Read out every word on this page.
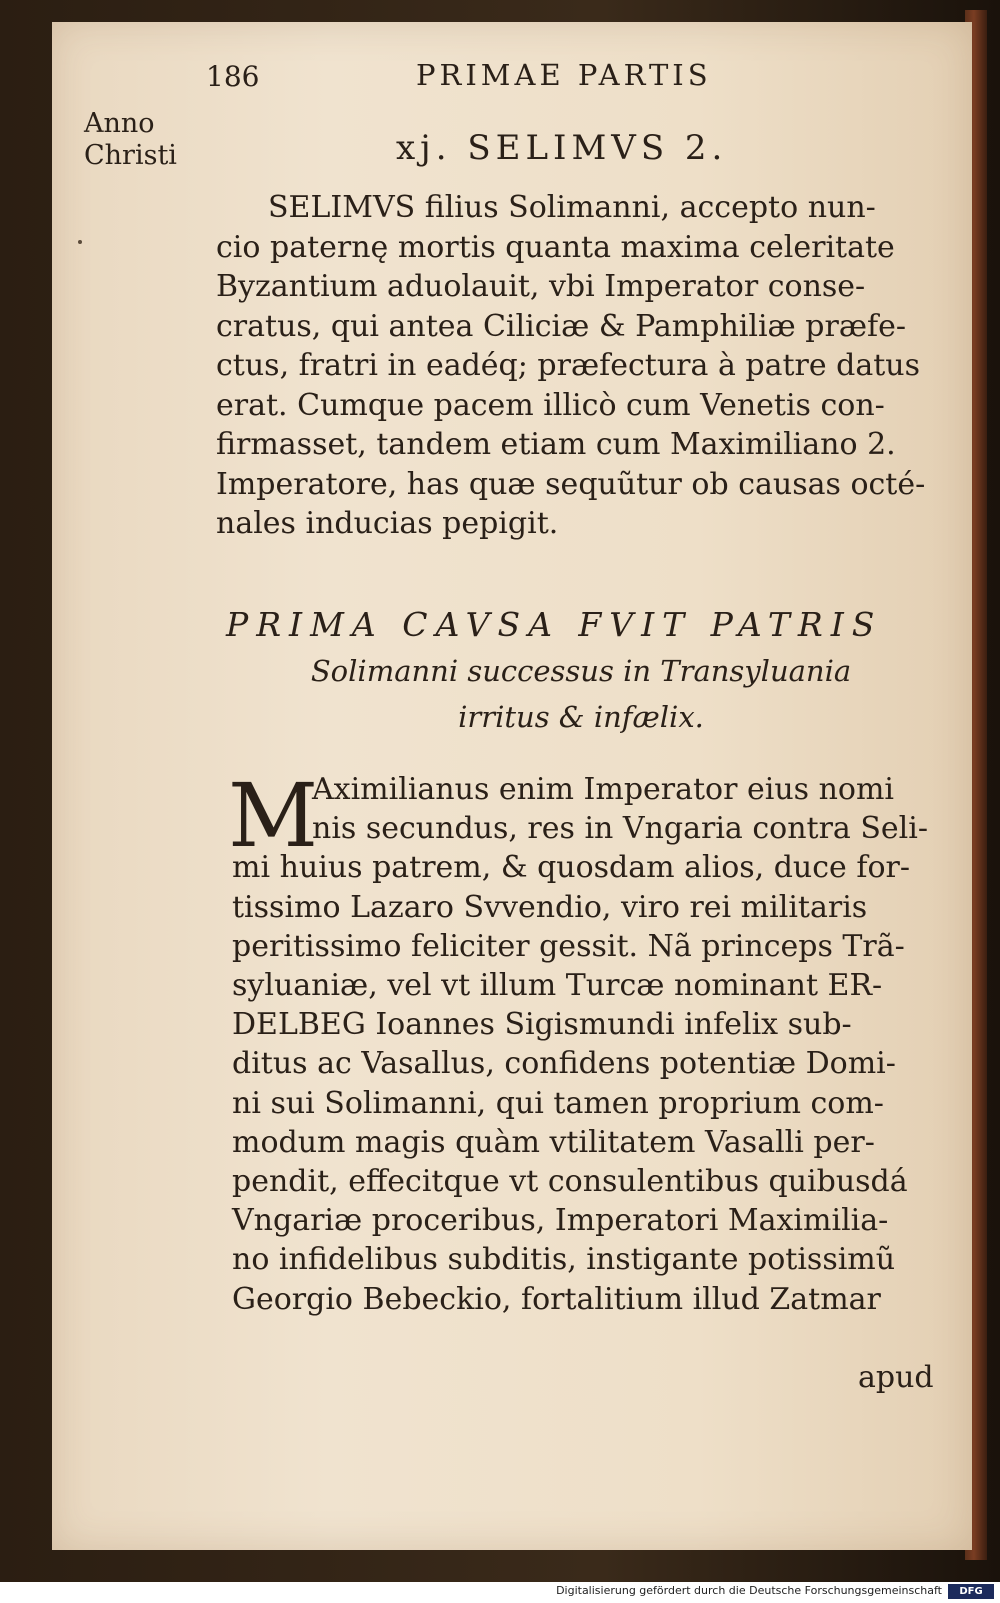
186	PRIMAE PARTIS
Anno
Christi	xj. SELIMVS 2.
SELIMVS filius Solimanni, accepto nun-
cio paternę mortis quanta maxima celeritate
Byzantium aduolauit, vbi Imperator conse-
cratus, qui antea Ciliciæ & Pamphiliæ præfe-
ctus, fratri in eadéq; præfectura à patre datus
erat. Cumque pacem illicò cum Venetis con-
firmasset, tandem etiam cum Maximiliano 2.
Imperatore, has quæ sequũtur ob causas octé-
nales inducias pepigit.
PRIMA CAVSA FVIT PATRIS
Solimanni successus in Transyluania
irritus & infælix.
M
Aximilianus enim Imperator eius nomi
nis secundus, res in Vngaria contra Seli-
mi huius patrem, & quosdam alios, duce for-
tissimo Lazaro Svvendio, viro rei militaris
peritissimo feliciter gessit. Nã princeps Trã-
syluaniæ, vel vt illum Turcæ nominant ER-
DELBEG Ioannes Sigismundi infelix sub-
ditus ac Vasallus, confidens potentiæ Domi-
ni sui Solimanni, qui tamen proprium com-
modum magis quàm vtilitatem Vasalli per-
pendit, effecitque vt consulentibus quibusdá
Vngariæ proceribus, Imperatori Maximilia-
no infidelibus subditis, instigante potissimũ
Georgio Bebeckio, fortalitium illud Zatmar
apud
Digitalisierung gefördert durch die Deutsche Forschungsgemeinschaft	DFG
